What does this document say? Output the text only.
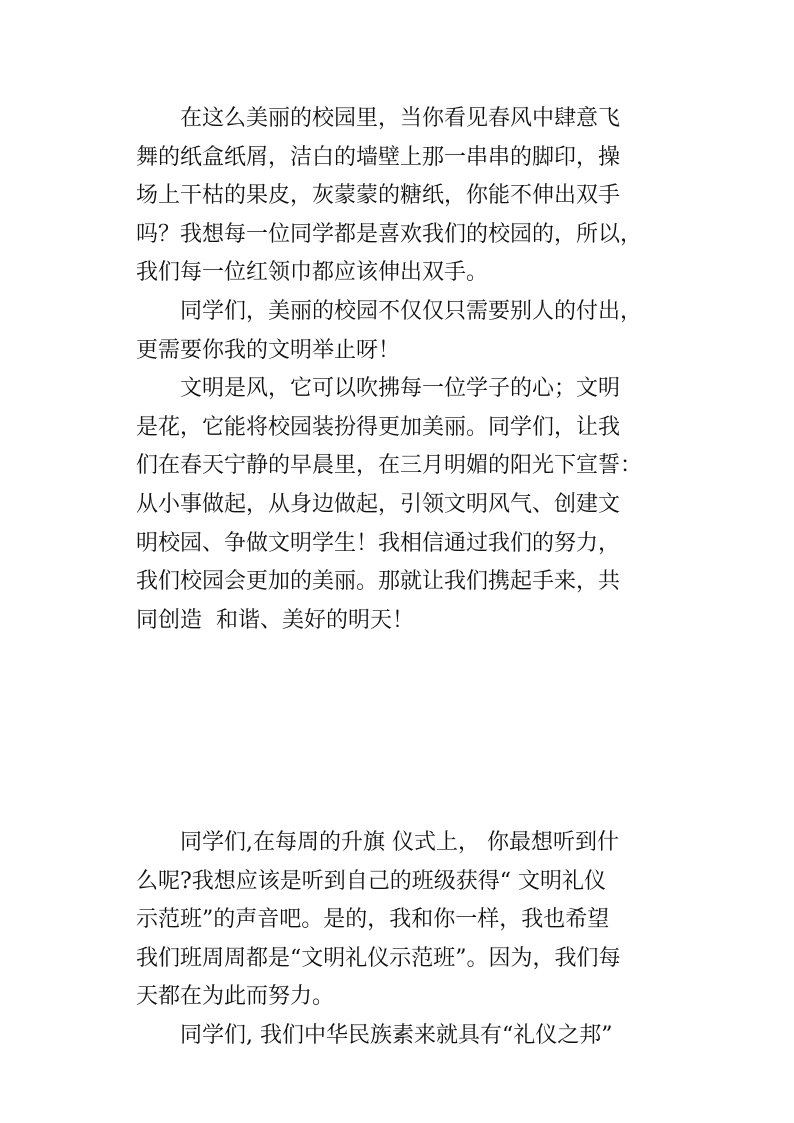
在这么美丽的校园里，当你看见春风中肆意飞
舞的纸盒纸屑，洁白的墙壁上那一串串的脚印，操
场上干枯的果皮，灰蒙蒙的糖纸，你能不伸出双手
吗？我想每一位同学都是喜欢我们的校园的，所以，
我们每一位红领巾都应该伸出双手。

同学们，美丽的校园不仅仅只需要别人的付出，
更需要你我的文明举止呀！

文明是风，它可以吹拂每一位学子的心；文明
是花，它能将校园装扮得更加美丽。同学们，让我
们在春天宁静的早晨里，在三月明媚的阳光下宣誓：
从小事做起，从身边做起，引领文明风气、创建文
明校园、争做文明学生！我相信通过我们的努力，
我们校园会更加的美丽。那就让我们携起手来，共
同创造  和谐、美好的明天！

同学们,在每周的升旗 仪式上， 你最想听到什
么呢?我想应该是听到自己的班级获得“ 文明礼仪
示范班”的声音吧。是的，我和你一样，我也希望
我们班周周都是“文明礼仪示范班”。因为，我们每
天都在为此而努力。

同学们, 我们中华民族素来就具有“礼仪之邦”
